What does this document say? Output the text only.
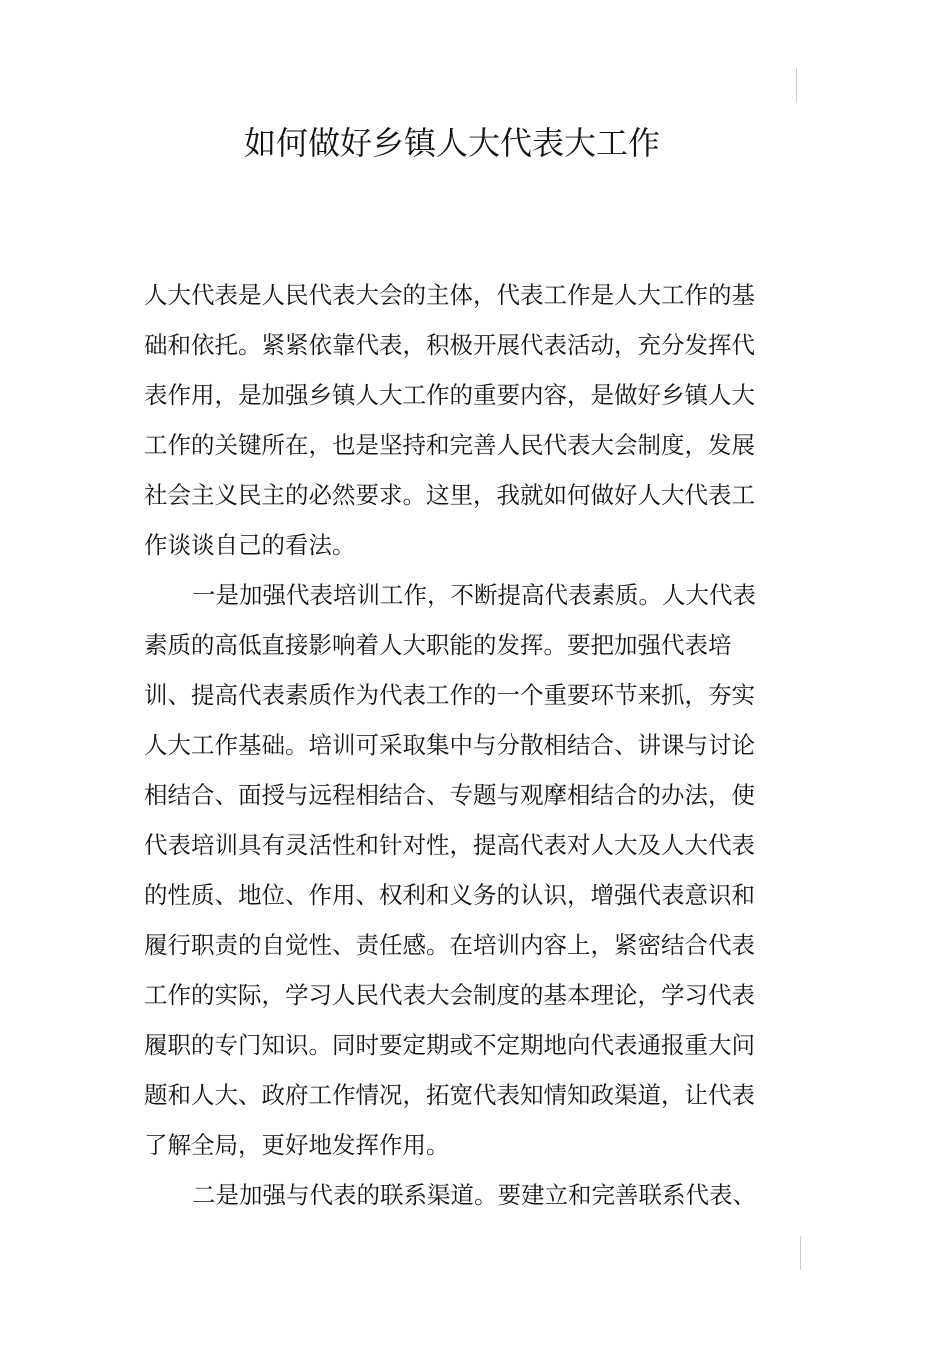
如何做好乡镇人大代表大工作
人大代表是人民代表大会的主体，代表工作是人大工作的基
础和依托。紧紧依靠代表，积极开展代表活动，充分发挥代
表作用，是加强乡镇人大工作的重要内容，是做好乡镇人大
工作的关键所在，也是坚持和完善人民代表大会制度，发展
社会主义民主的必然要求。这里，我就如何做好人大代表工
作谈谈自己的看法。
一是加强代表培训工作，不断提高代表素质。人大代表
素质的高低直接影响着人大职能的发挥。要把加强代表培
训、提高代表素质作为代表工作的一个重要环节来抓，夯实
人大工作基础。培训可采取集中与分散相结合、讲课与讨论
相结合、面授与远程相结合、专题与观摩相结合的办法，使
代表培训具有灵活性和针对性，提高代表对人大及人大代表
的性质、地位、作用、权利和义务的认识，增强代表意识和
履行职责的自觉性、责任感。在培训内容上，紧密结合代表
工作的实际，学习人民代表大会制度的基本理论，学习代表
履职的专门知识。同时要定期或不定期地向代表通报重大问
题和人大、政府工作情况，拓宽代表知情知政渠道，让代表
了解全局，更好地发挥作用。
二是加强与代表的联系渠道。要建立和完善联系代表、
